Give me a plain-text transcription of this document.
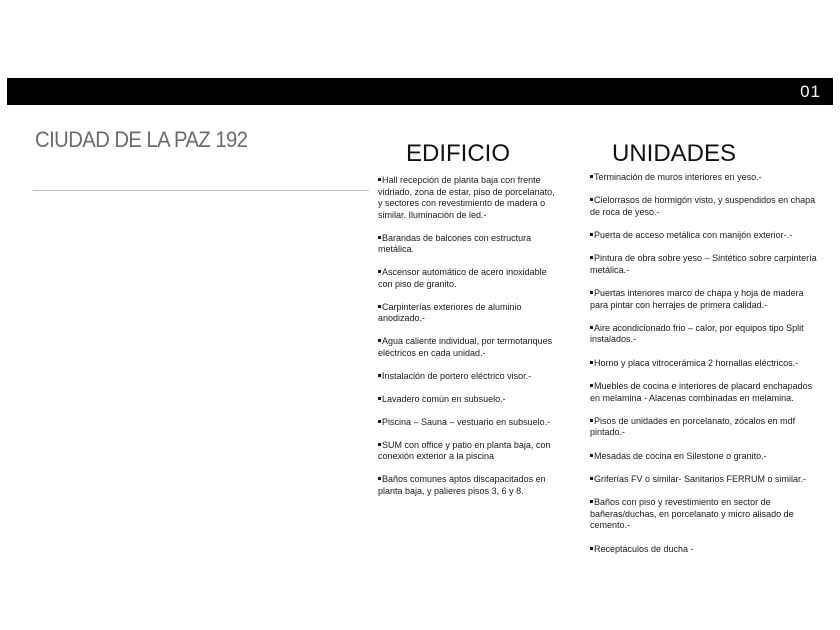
01
CIUDAD DE LA PAZ 192
EDIFICIO	UNIDADES

Hall recepción de planta baja con frente vidriado, zona de estar, piso de porcelanato, y sectores con revestimiento de madera o similar. Iluminación de led.-

Barandas de balcones con estructura metálica.

Ascensor automático de acero inoxidable con piso de granito.

Carpinterías exteriores de aluminio anodizado.-

Agua caliente individual, por termotanques eléctricos en cada unidad.-

Instalación de portero eléctrico visor.-

Lavadero común en subsuelo.-

Piscina – Sauna – vestuario en subsuelo.-

SUM con office y patio en planta baja, con conexión exterior a la piscina

Baños comunes aptos discapacitados en planta baja, y palieres pisos 3, 6 y 8.

Terminación de muros interiores en yeso.-

Cielorrasos de hormigón visto, y suspendidos en chapa de roca de yeso.-

Puerta de acceso metálica con manijón exterior-.-

Pintura de obra sobre yeso – Sintético sobre carpintería metálica.-

Puertas interiores marco de chapa y hoja de madera para pintar con herrajes de primera calidad.-

Aire acondicionado frio – calor, por equipos tipo Split instalados.-

Horno y placa vitrocerámica 2 hornallas eléctricos.-

Muebles de cocina e interiores de placard enchapados en melamina - Alacenas combinadas en melamina.

Pisos de unidades en porcelanato, zócalos en mdf pintado.-

Mesadas de cocina en Silestone o granito.-

Griferías FV o similar- Sanitarios FERRUM o similar.-

Baños con piso y revestimiento en sector de bañeras/duchas, en porcelanato y micro alisado de cemento.-

Receptáculos de ducha -
